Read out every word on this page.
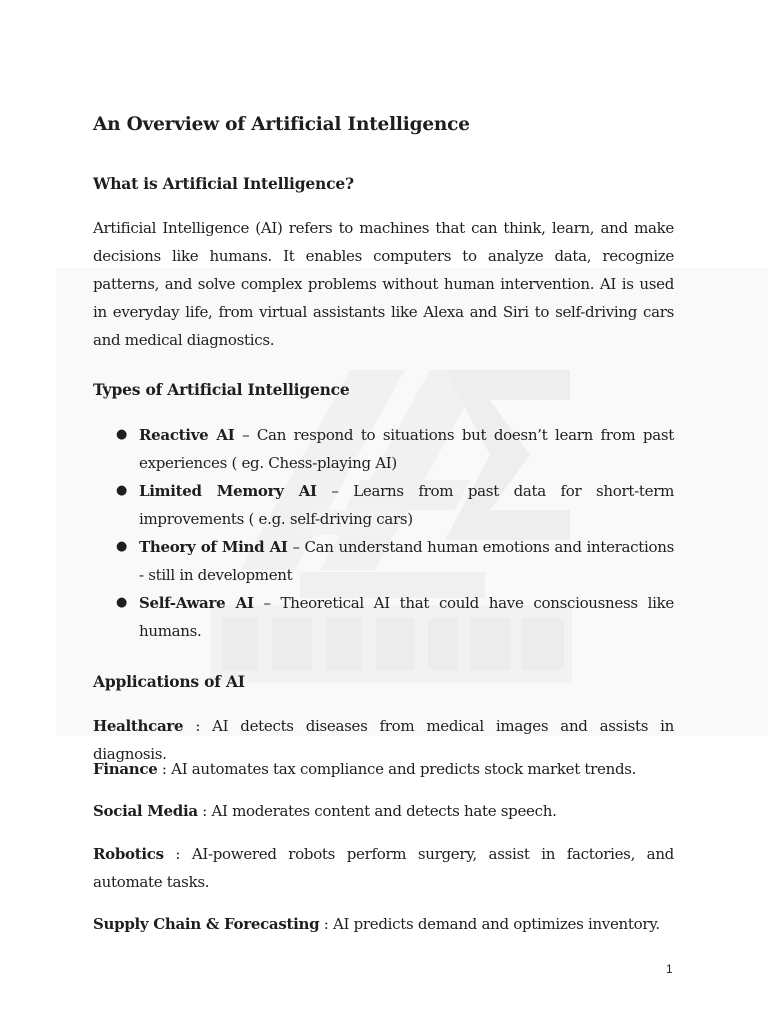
An Overview of Artificial Intelligence
What is Artificial Intelligence?

Artificial Intelligence (AI) refers to machines that can think, learn, and make decisions like humans. It enables computers to analyze data, recognize patterns, and solve complex problems without human intervention. AI is used in everyday life, from virtual assistants like Alexa and Siri to self-driving cars and medical diagnostics.

Types of Artificial Intelligence
● Reactive AI – Can respond to situations but doesn’t learn from past experiences ( eg. Chess-playing AI)
● Limited Memory AI – Learns from past data for short-term improvements ( e.g. self-driving cars)
● Theory of Mind AI – Can understand human emotions and interactions - still in development
● Self-Aware AI – Theoretical AI that could have consciousness like humans.
Applications of AI

Healthcare : AI detects diseases from medical images and assists in diagnosis.

Finance : AI automates tax compliance and predicts stock market trends.

Social Media : AI moderates content and detects hate speech.

Robotics : AI-powered robots perform surgery, assist in factories, and automate tasks.

Supply Chain & Forecasting : AI predicts demand and optimizes inventory.

1
